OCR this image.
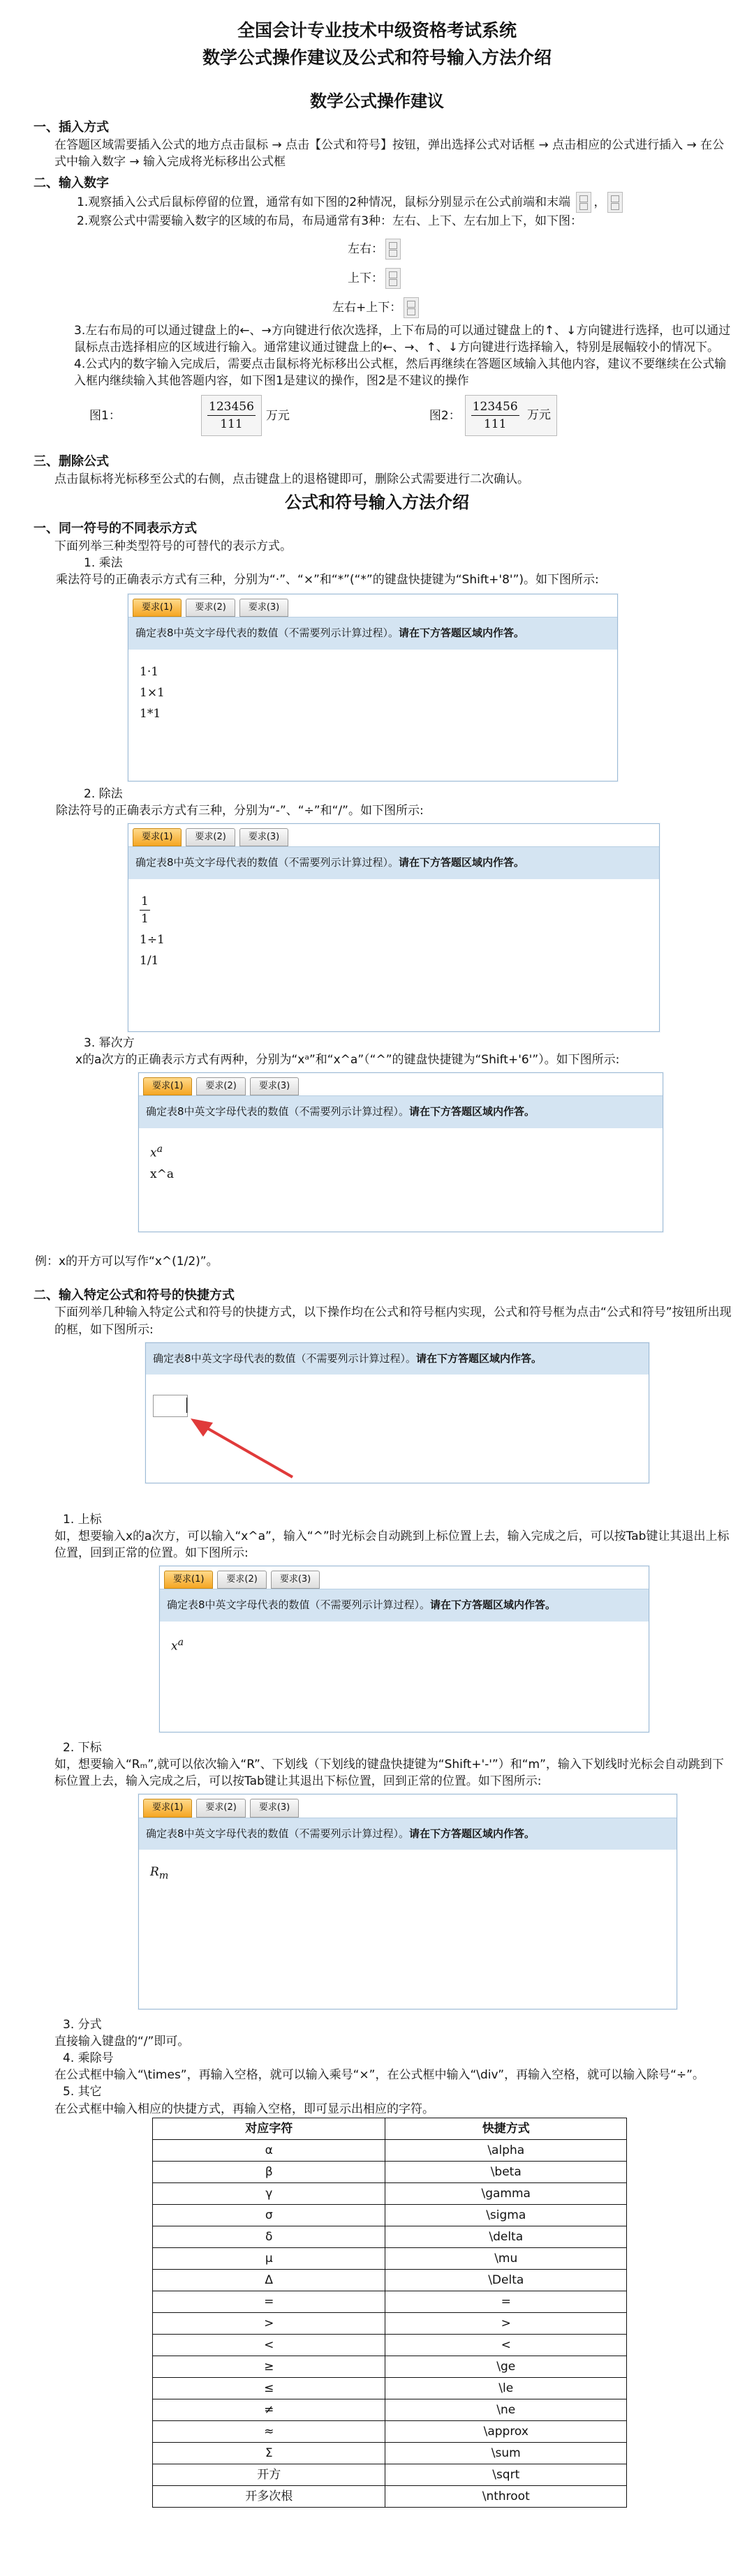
全国会计专业技术中级资格考试系统
数学公式操作建议及公式和符号输入方法介绍
数学公式操作建议
一、插入方式
在答题区域需要插入公式的地方点击鼠标 → 点击【公式和符号】按钮，弹出选择公式对话框 → 点击相应的公式进行插入 → 在公式中输入数字 → 输入完成将光标移出公式框
二、输入数字
1.观察插入公式后鼠标停留的位置，通常有如下图的2种情况，鼠标分别显示在公式前端和末端 ，
2.观察公式中需要输入数字的区域的布局，布局通常有3种：左右、上下、左右加上下，如下图：
左右：
上下：
左右+上下：
3.左右布局的可以通过键盘上的←、→方向键进行依次选择，上下布局的可以通过键盘上的↑、↓方向键进行选择，也可以通过鼠标点击选择相应的区域进行输入。通常建议通过键盘上的←、→、↑、↓方向键进行选择输入，特别是展幅较小的情况下。
4.公式内的数字输入完成后，需要点击鼠标将光标移出公式框，然后再继续在答题区域输入其他内容，建议不要继续在公式输入框内继续输入其他答题内容，如下图1是建议的操作，图2是不建议的操作
图1：	$\frac{123456}{111}$ 万元	图2： $\frac{123456}{111}$ 万元
三、删除公式
点击鼠标将光标移至公式的右侧，点击键盘上的退格键即可，删除公式需要进行二次确认。
公式和符号输入方法介绍
一、同一符号的不同表示方式
下面列举三种类型符号的可替代的表示方式。
1. 乘法
乘法符号的正确表示方式有三种，分别为“·”、“×”和“*”(“*”的键盘快捷键为“Shift+'8'”)。如下图所示:
要求(1)	要求(2)	要求(3)
确定表8中英文字母代表的数值（不需要列示计算过程）。请在下方答题区域内作答。
1·1
1×1
1*1
2. 除法
除法符号的正确表示方式有三种，分别为“-”、“÷”和“/”。如下图所示:
要求(1)	要求(2)	要求(3)
确定表8中英文字母代表的数值（不需要列示计算过程）。请在下方答题区域内作答。
$\frac{1}{1}$
1÷1
1/1
3. 幂次方
x的a次方的正确表示方式有两种，分别为“xᵃ”和“x^a”（“^”的键盘快捷键为“Shift+'6'”）。如下图所示:
要求(1)	要求(2)	要求(3)
确定表8中英文字母代表的数值（不需要列示计算过程）。请在下方答题区域内作答。
$x^a$
x^a
例：x的开方可以写作“x^(1/2)”。
二、输入特定公式和符号的快捷方式
下面列举几种输入特定公式和符号的快捷方式，以下操作均在公式和符号框内实现，公式和符号框为点击“公式和符号”按钮所出现的框，如下图所示:
确定表8中英文字母代表的数值（不需要列示计算过程）。请在下方答题区域内作答。
1. 上标
如，想要输入x的a次方，可以输入“x^a”，输入“^”时光标会自动跳到上标位置上去，输入完成之后，可以按Tab键让其退出上标位置，回到正常的位置。如下图所示:
要求(1)	要求(2)	要求(3)
确定表8中英文字母代表的数值（不需要列示计算过程）。请在下方答题区域内作答。
$x^a$
2. 下标
如，想要输入“Rₘ”,就可以依次输入“R”、下划线（下划线的键盘快捷键为“Shift+'-'”）和“m”，输入下划线时光标会自动跳到下标位置上去，输入完成之后，可以按Tab键让其退出下标位置，回到正常的位置。如下图所示:
要求(1)	要求(2)	要求(3)
确定表8中英文字母代表的数值（不需要列示计算过程）。请在下方答题区域内作答。
$R_m$
3. 分式
直接输入键盘的“/”即可。
4. 乘除号
在公式框中输入“\times”，再输入空格，就可以输入乘号“×”，在公式框中输入“\div”，再输入空格，就可以输入除号“÷”。
5. 其它
在公式框中输入相应的快捷方式，再输入空格，即可显示出相应的字符。
对应字符	快捷方式
α	\alpha
β	\beta
γ	\gamma
σ	\sigma
δ	\delta
μ	\mu
Δ	\Delta
=	=
>	>
<	<
≥	\ge
≤	\le
≠	\ne
≈	\approx
Σ	\sum
开方	\sqrt
开多次根	\nthroot
